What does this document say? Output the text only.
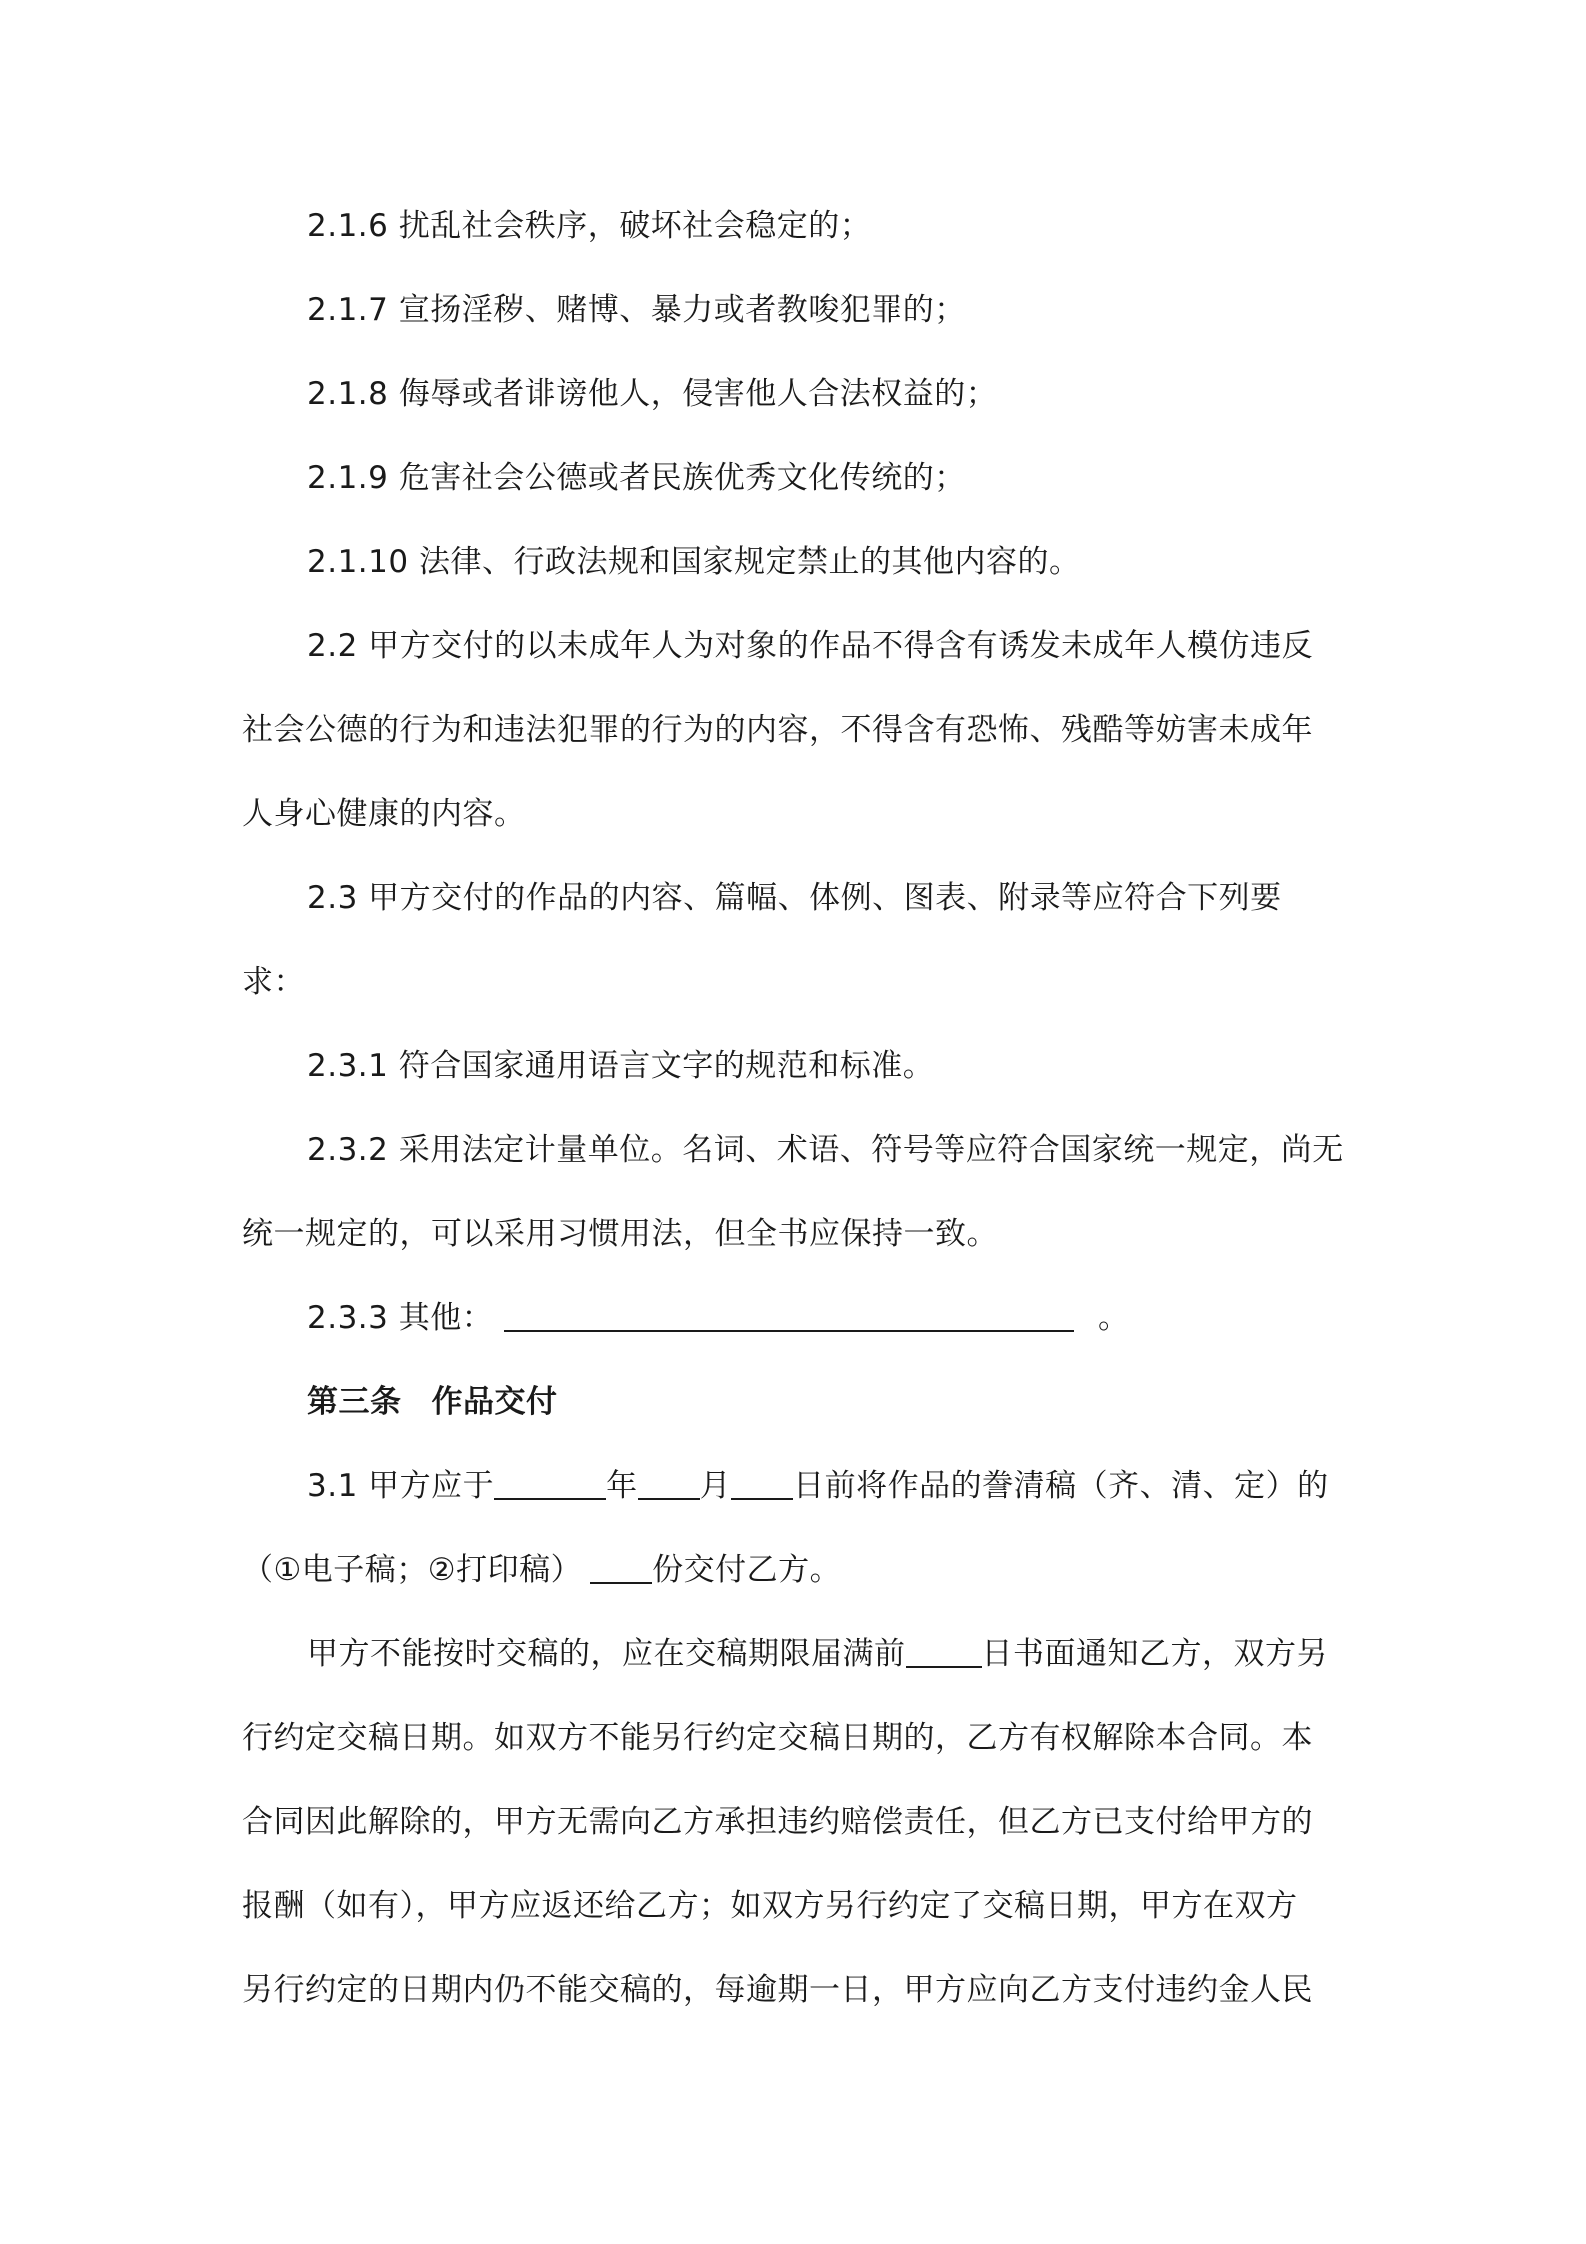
2.1.6 扰乱社会秩序，破坏社会稳定的；
2.1.7 宣扬淫秽、赌博、暴力或者教唆犯罪的；
2.1.8 侮辱或者诽谤他人，侵害他人合法权益的；
2.1.9 危害社会公德或者民族优秀文化传统的；
2.1.10 法律、行政法规和国家规定禁止的其他内容的。
2.2 甲方交付的以未成年人为对象的作品不得含有诱发未成年人模仿违反
社会公德的行为和违法犯罪的行为的内容，不得含有恐怖、残酷等妨害未成年
人身心健康的内容。
2.3 甲方交付的作品的内容、篇幅、体例、图表、附录等应符合下列要
求：
2.3.1 符合国家通用语言文字的规范和标准。
2.3.2 采用法定计量单位。名词、术语、符号等应符合国家统一规定，尚无
统一规定的，可以采用习惯用法，但全书应保持一致。
2.3.3 其他：	。
第三条 作品交付
3.1 甲方应于	年 月 日前将作品的誊清稿（齐、清、定）的
（①电子稿；②打印稿） 份交付乙方。
甲方不能按时交稿的，应在交稿期限届满前 日书面通知乙方，双方另
行约定交稿日期。如双方不能另行约定交稿日期的，乙方有权解除本合同。本
合同因此解除的，甲方无需向乙方承担违约赔偿责任，但乙方已支付给甲方的
报酬（如有），甲方应返还给乙方；如双方另行约定了交稿日期，甲方在双方
另行约定的日期内仍不能交稿的，每逾期一日，甲方应向乙方支付违约金人民
